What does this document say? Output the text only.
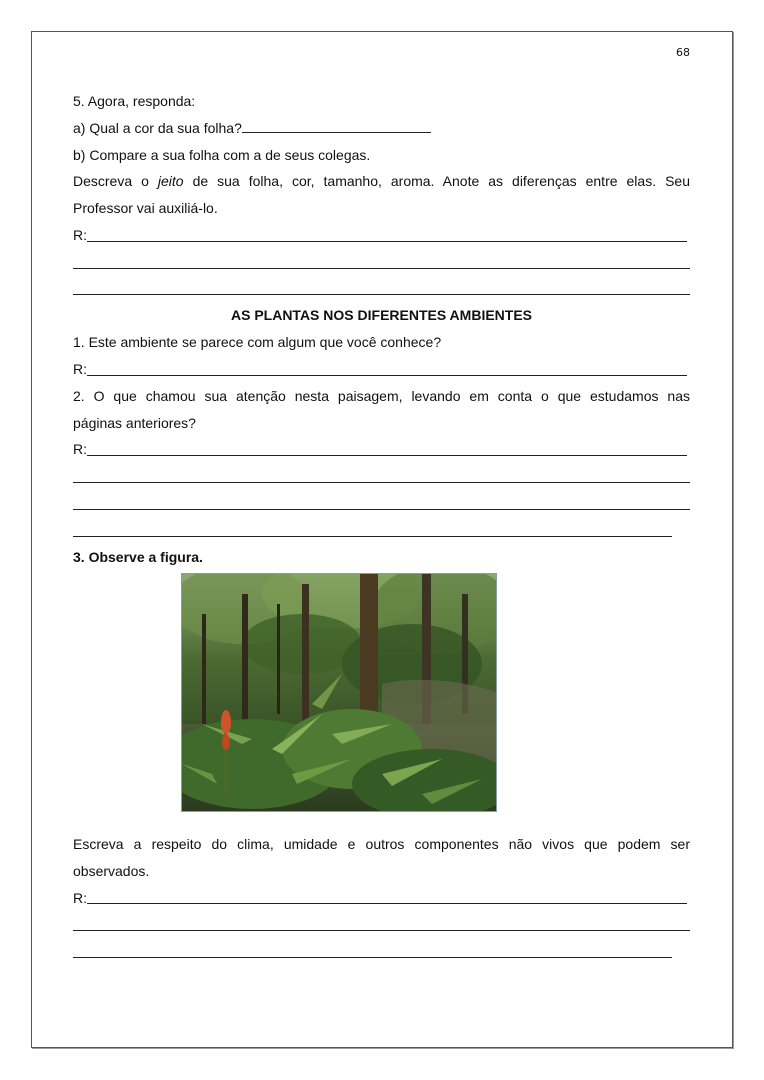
68
5. Agora, responda:
a) Qual a cor da sua folha?
b) Compare a sua folha com a de seus colegas.
Descreva o jeito de sua folha, cor, tamanho, aroma. Anote as diferenças entre elas. Seu
Professor vai auxiliá-lo.
R:
AS PLANTAS NOS DIFERENTES AMBIENTES
1. Este ambiente se parece com algum que você conhece?
R:
2. O que chamou sua atenção nesta paisagem, levando em conta o que estudamos nas
páginas anteriores?
R:
3. Observe a figura.
Escreva a respeito do clima, umidade e outros componentes não vivos que podem ser
observados.
R:
